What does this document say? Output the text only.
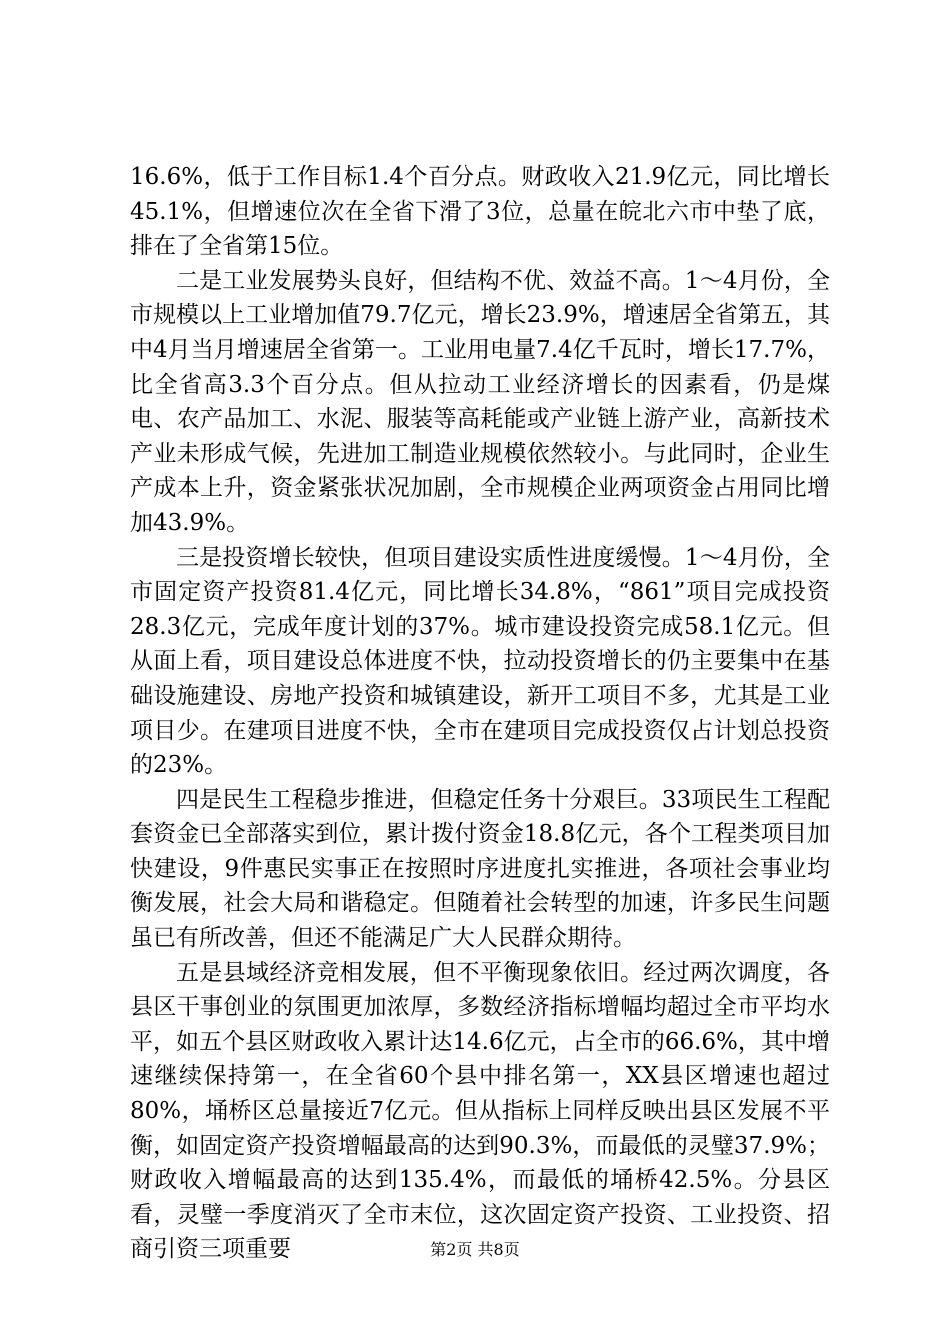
16.6%，低于工作目标1.4个百分点。财政收入21.9亿元，同比增长45.1%，但增速位次在全省下滑了3位，总量在皖北六市中垫了底，排在了全省第15位。

二是工业发展势头良好，但结构不优、效益不高。1～4月份，全市规模以上工业增加值79.7亿元，增长23.9%，增速居全省第五，其中4月当月增速居全省第一。工业用电量7.4亿千瓦时，增长17.7%，比全省高3.3个百分点。但从拉动工业经济增长的因素看，仍是煤电、农产品加工、水泥、服装等高耗能或产业链上游产业，高新技术产业未形成气候，先进加工制造业规模依然较小。与此同时，企业生产成本上升，资金紧张状况加剧，全市规模企业两项资金占用同比增加43.9%。

三是投资增长较快，但项目建设实质性进度缓慢。1～4月份，全市固定资产投资81.4亿元，同比增长34.8%，“861”项目完成投资28.3亿元，完成年度计划的37%。城市建设投资完成58.1亿元。但从面上看，项目建设总体进度不快，拉动投资增长的仍主要集中在基础设施建设、房地产投资和城镇建设，新开工项目不多，尤其是工业项目少。在建项目进度不快，全市在建项目完成投资仅占计划总投资的23%。

四是民生工程稳步推进，但稳定任务十分艰巨。33项民生工程配套资金已全部落实到位，累计拨付资金18.8亿元，各个工程类项目加快建设，9件惠民实事正在按照时序进度扎实推进，各项社会事业均衡发展，社会大局和谐稳定。但随着社会转型的加速，许多民生问题虽已有所改善，但还不能满足广大人民群众期待。

五是县域经济竞相发展，但不平衡现象依旧。经过两次调度，各县区干事创业的氛围更加浓厚，多数经济指标增幅均超过全市平均水平，如五个县区财政收入累计达14.6亿元，占全市的66.6%，其中增速继续保持第一，在全省60个县中排名第一，XX县区增速也超过80%，埇桥区总量接近7亿元。但从指标上同样反映出县区发展不平衡，如固定资产投资增幅最高的达到90.3%，而最低的灵璧37.9%；财政收入增幅最高的达到135.4%，而最低的埇桥42.5%。分县区看，灵璧一季度消灭了全市末位，这次固定资产投资、工业投资、招商引资三项重要	第2页 共8页
